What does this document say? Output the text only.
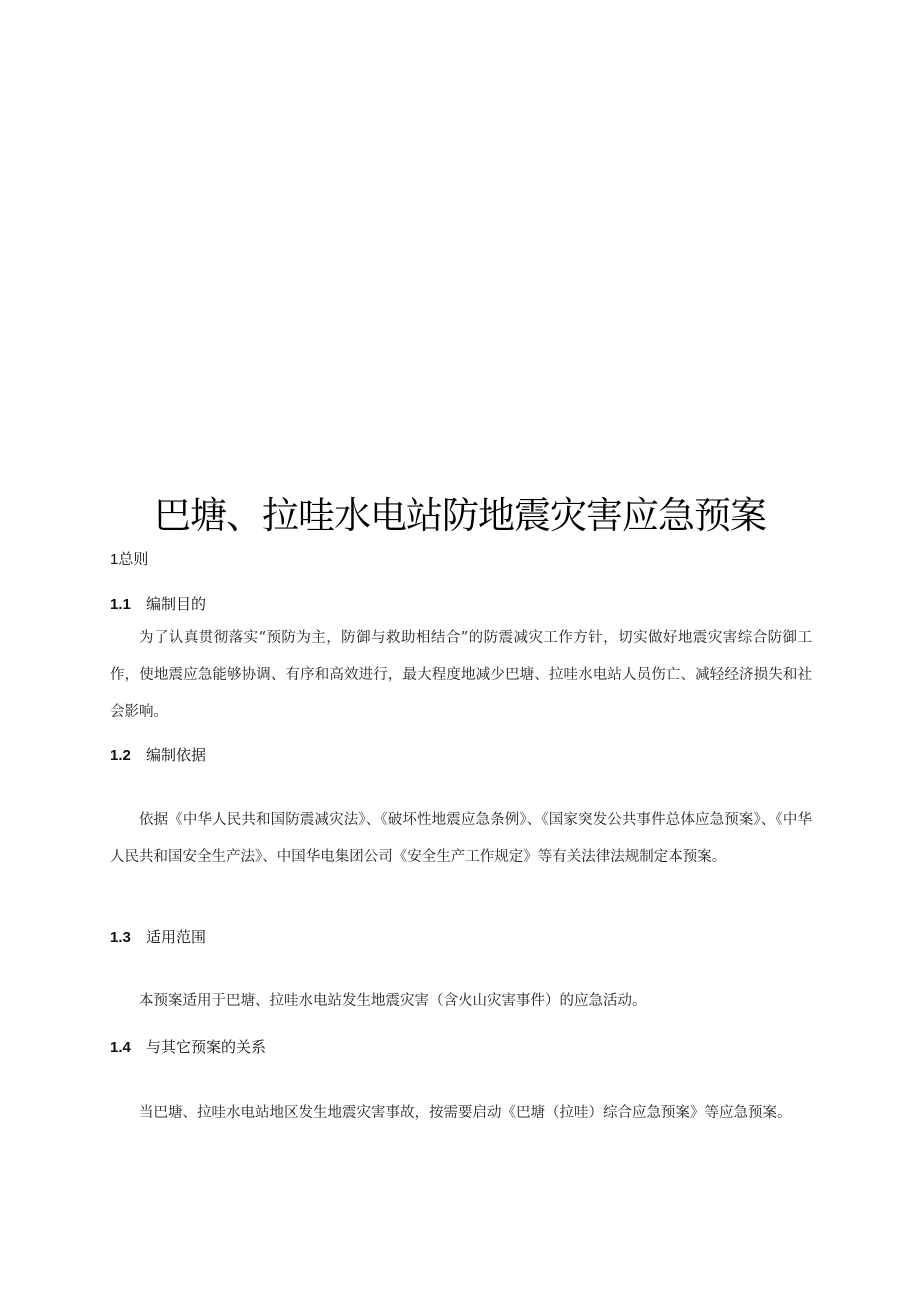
巴塘、拉哇水电站防地震灾害应急预案
1总则
1.1 编制目的

为了认真贯彻落实“预防为主，防御与救助相结合”的防震减灾工作方针，切实做好地震灾害综合防御工作，使地震应急能够协调、有序和高效进行，最大程度地减少巴塘、拉哇水电站人员伤亡、减轻经济损失和社会影响。

1.2 编制依据

依据《中华人民共和国防震减灾法》、《破坏性地震应急条例》、《国家突发公共事件总体应急预案》、《中华人民共和国安全生产法》、中国华电集团公司《安全生产工作规定》等有关法律法规制定本预案。

1.3 适用范围

本预案适用于巴塘、拉哇水电站发生地震灾害（含火山灾害事件）的应急活动。

1.4 与其它预案的关系

当巴塘、拉哇水电站地区发生地震灾害事故，按需要启动《巴塘（拉哇）综合应急预案》等应急预案。
